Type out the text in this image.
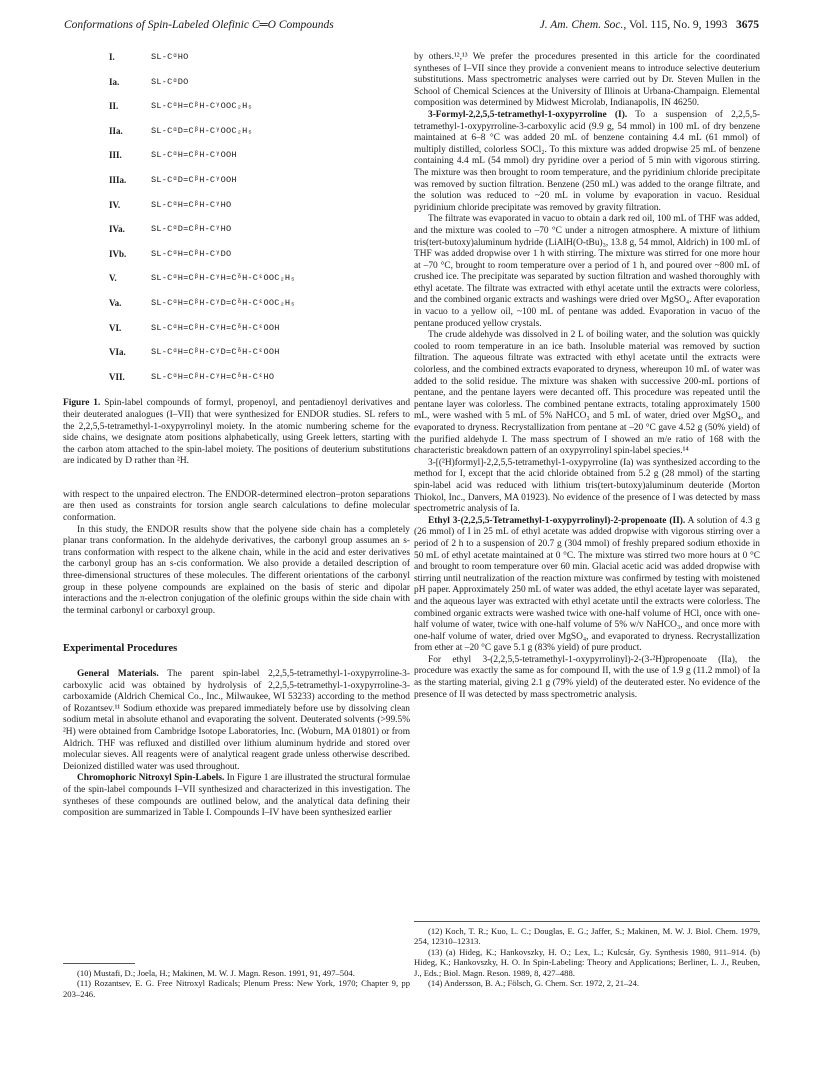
Conformations of Spin-Labeled Olefinic C═O Compounds	J. Am. Chem. Soc., Vol. 115, No. 9, 1993 3675
I.	SL-CᵅHO
Ia.	SL-CᵅDO
II.	SL-CᵅH=CᵝH-CᵞOOC₂H₅
IIa.	SL-CᵅD=CᵝH-CᵞOOC₂H₅
III.	SL-CᵅH=CᵝH-CᵞOOH
IIIa.	SL-CᵅD=CᵝH-CᵞOOH
IV.	SL-CᵅH=CᵝH-CᵞHO
IVa.	SL-CᵅD=CᵝH-CᵞHO
IVb.	SL-CᵅH=CᵝH-CᵞDO
V.	SL-CᵅH=CᵝH-CᵞH=CᵟH-CᵋOOC₂H₅
Va.	SL-CᵅH=CᵝH-CᵞD=CᵟH-CᵋOOC₂H₅
VI.	SL-CᵅH=CᵝH-CᵞH=CᵟH-CᵋOOH
VIa.	SL-CᵅH=CᵝH-CᵞD=CᵟH-CᵋOOH
VII.	SL-CᵅH=CᵝH-CᵞH=CᵟH-CᵋHO

Figure 1. Spin-label compounds of formyl, propenoyl, and pentadienoyl derivatives and their deuterated analogues (I–VII) that were synthesized for ENDOR studies. SL refers to the 2,2,5,5-tetramethyl-1-oxypyrrolinyl moiety. In the atomic numbering scheme for the side chains, we designate atom positions alphabetically, using Greek letters, starting with the carbon atom attached to the spin-label moiety. The positions of deuterium substitutions are indicated by D rather than ²H.

with respect to the unpaired electron. The ENDOR-determined electron–proton separations are then used as constraints for torsion angle search calculations to define molecular conformation.

In this study, the ENDOR results show that the polyene side chain has a completely planar trans conformation. In the aldehyde derivatives, the carbonyl group assumes an s-trans conformation with respect to the alkene chain, while in the acid and ester derivatives the carbonyl group has an s-cis conformation. We also provide a detailed description of three-dimensional structures of these molecules. The different orientations of the carbonyl group in these polyene compounds are explained on the basis of steric and dipolar interactions and the π-electron conjugation of the olefinic groups within the side chain with the terminal carbonyl or carboxyl group.

Experimental Procedures

General Materials. The parent spin-label 2,2,5,5-tetramethyl-1-oxypyrroline-3-carboxylic acid was obtained by hydrolysis of 2,2,5,5-tetramethyl-1-oxypyrroline-3-carboxamide (Aldrich Chemical Co., Inc., Milwaukee, WI 53233) according to the method of Rozantsev.¹¹ Sodium ethoxide was prepared immediately before use by dissolving clean sodium metal in absolute ethanol and evaporating the solvent. Deuterated solvents (>99.5% ²H) were obtained from Cambridge Isotope Laboratories, Inc. (Woburn, MA 01801) or from Aldrich. THF was refluxed and distilled over lithium aluminum hydride and stored over molecular sieves. All reagents were of analytical reagent grade unless otherwise described. Deionized distilled water was used throughout.

Chromophoric Nitroxyl Spin-Labels. In Figure 1 are illustrated the structural formulae of the spin-label compounds I–VII synthesized and characterized in this investigation. The syntheses of these compounds are outlined below, and the analytical data defining their composition are summarized in Table I. Compounds I–IV have been synthesized earlier

(10) Mustafi, D.; Joela, H.; Makinen, M. W. J. Magn. Reson. 1991, 91, 497–504.

(11) Rozantsev, E. G. Free Nitroxyl Radicals; Plenum Press: New York, 1970; Chapter 9, pp 203–246.

by others.¹²,¹³ We prefer the procedures presented in this article for the coordinated syntheses of I–VII since they provide a convenient means to introduce selective deuterium substitutions. Mass spectrometric analyses were carried out by Dr. Steven Mullen in the School of Chemical Sciences at the University of Illinois at Urbana-Champaign. Elemental composition was determined by Midwest Microlab, Indianapolis, IN 46250.

3-Formyl-2,2,5,5-tetramethyl-1-oxypyrroline (I). To a suspension of 2,2,5,5-tetramethyl-1-oxypyrroline-3-carboxylic acid (9.9 g, 54 mmol) in 100 mL of dry benzene maintained at 6–8 °C was added 20 mL of benzene containing 4.4 mL (61 mmol) of multiply distilled, colorless SOCl₂. To this mixture was added dropwise 25 mL of benzene containing 4.4 mL (54 mmol) dry pyridine over a period of 5 min with vigorous stirring. The mixture was then brought to room temperature, and the pyridinium chloride precipitate was removed by suction filtration. Benzene (250 mL) was added to the orange filtrate, and the solution was reduced to ~20 mL in volume by evaporation in vacuo. Residual pyridinium chloride precipitate was removed by gravity filtration.

The filtrate was evaporated in vacuo to obtain a dark red oil, 100 mL of THF was added, and the mixture was cooled to –70 °C under a nitrogen atmosphere. A mixture of lithium tris(tert-butoxy)aluminum hydride (LiAlH(O-tBu)₃, 13.8 g, 54 mmol, Aldrich) in 100 mL of THF was added dropwise over 1 h with stirring. The mixture was stirred for one more hour at –70 °C, brought to room temperature over a period of 1 h, and poured over ~800 mL of crushed ice. The precipitate was separated by suction filtration and washed thoroughly with ethyl acetate. The filtrate was extracted with ethyl acetate until the extracts were colorless, and the combined organic extracts and washings were dried over MgSO₄. After evaporation in vacuo to a yellow oil, ~100 mL of pentane was added. Evaporation in vacuo of the pentane produced yellow crystals.

The crude aldehyde was dissolved in 2 L of boiling water, and the solution was quickly cooled to room temperature in an ice bath. Insoluble material was removed by suction filtration. The aqueous filtrate was extracted with ethyl acetate until the extracts were colorless, and the combined extracts evaporated to dryness, whereupon 10 mL of water was added to the solid residue. The mixture was shaken with successive 200-mL portions of pentane, and the pentane layers were decanted off. This procedure was repeated until the pentane layer was colorless. The combined pentane extracts, totaling approximately 1500 mL, were washed with 5 mL of 5% NaHCO₃ and 5 mL of water, dried over MgSO₄, and evaporated to dryness. Recrystallization from pentane at –20 °C gave 4.52 g (50% yield) of the purified aldehyde I. The mass spectrum of I showed an m/e ratio of 168 with the characteristic breakdown pattern of an oxypyrrolinyl spin-label species.¹⁴

3-[(²H)formyl]-2,2,5,5-tetramethyl-1-oxypyrroline (Ia) was synthesized according to the method for I, except that the acid chloride obtained from 5.2 g (28 mmol) of the starting spin-label acid was reduced with lithium tris(tert-butoxy)aluminum deuteride (Morton Thiokol, Inc., Danvers, MA 01923). No evidence of the presence of I was detected by mass spectrometric analysis of Ia.

Ethyl 3-(2,2,5,5-Tetramethyl-1-oxypyrrolinyl)-2-propenoate (II). A solution of 4.3 g (26 mmol) of I in 25 mL of ethyl acetate was added dropwise with vigorous stirring over a period of 2 h to a suspension of 20.7 g (304 mmol) of freshly prepared sodium ethoxide in 50 mL of ethyl acetate maintained at 0 °C. The mixture was stirred two more hours at 0 °C and brought to room temperature over 60 min. Glacial acetic acid was added dropwise with stirring until neutralization of the reaction mixture was confirmed by testing with moistened pH paper. Approximately 250 mL of water was added, the ethyl acetate layer was separated, and the aqueous layer was extracted with ethyl acetate until the extracts were colorless. The combined organic extracts were washed twice with one-half volume of HCl, once with one-half volume of water, twice with one-half volume of 5% w/v NaHCO₃, and once more with one-half volume of water, dried over MgSO₄, and evaporated to dryness. Recrystallization from ether at –20 °C gave 5.1 g (83% yield) of pure product.

For ethyl 3-(2,2,5,5-tetramethyl-1-oxypyrrolinyl)-2-(3-²H)propenoate (IIa), the procedure was exactly the same as for compound II, with the use of 1.9 g (11.2 mmol) of Ia as the starting material, giving 2.1 g (79% yield) of the deuterated ester. No evidence of the presence of II was detected by mass spectrometric analysis.

(12) Koch, T. R.; Kuo, L. C.; Douglas, E. G.; Jaffer, S.; Makinen, M. W. J. Biol. Chem. 1979, 254, 12310–12313.

(13) (a) Hideg, K.; Hankovszky, H. O.; Lex, L.; Kulcsár, Gy. Synthesis 1980, 911–914. (b) Hideg, K.; Hankovszky, H. O. In Spin-Labeling: Theory and Applications; Berliner, L. J., Reuben, J., Eds.; Biol. Magn. Reson. 1989, 8, 427–488.

(14) Andersson, B. A.; Fölsch, G. Chem. Scr. 1972, 2, 21–24.
